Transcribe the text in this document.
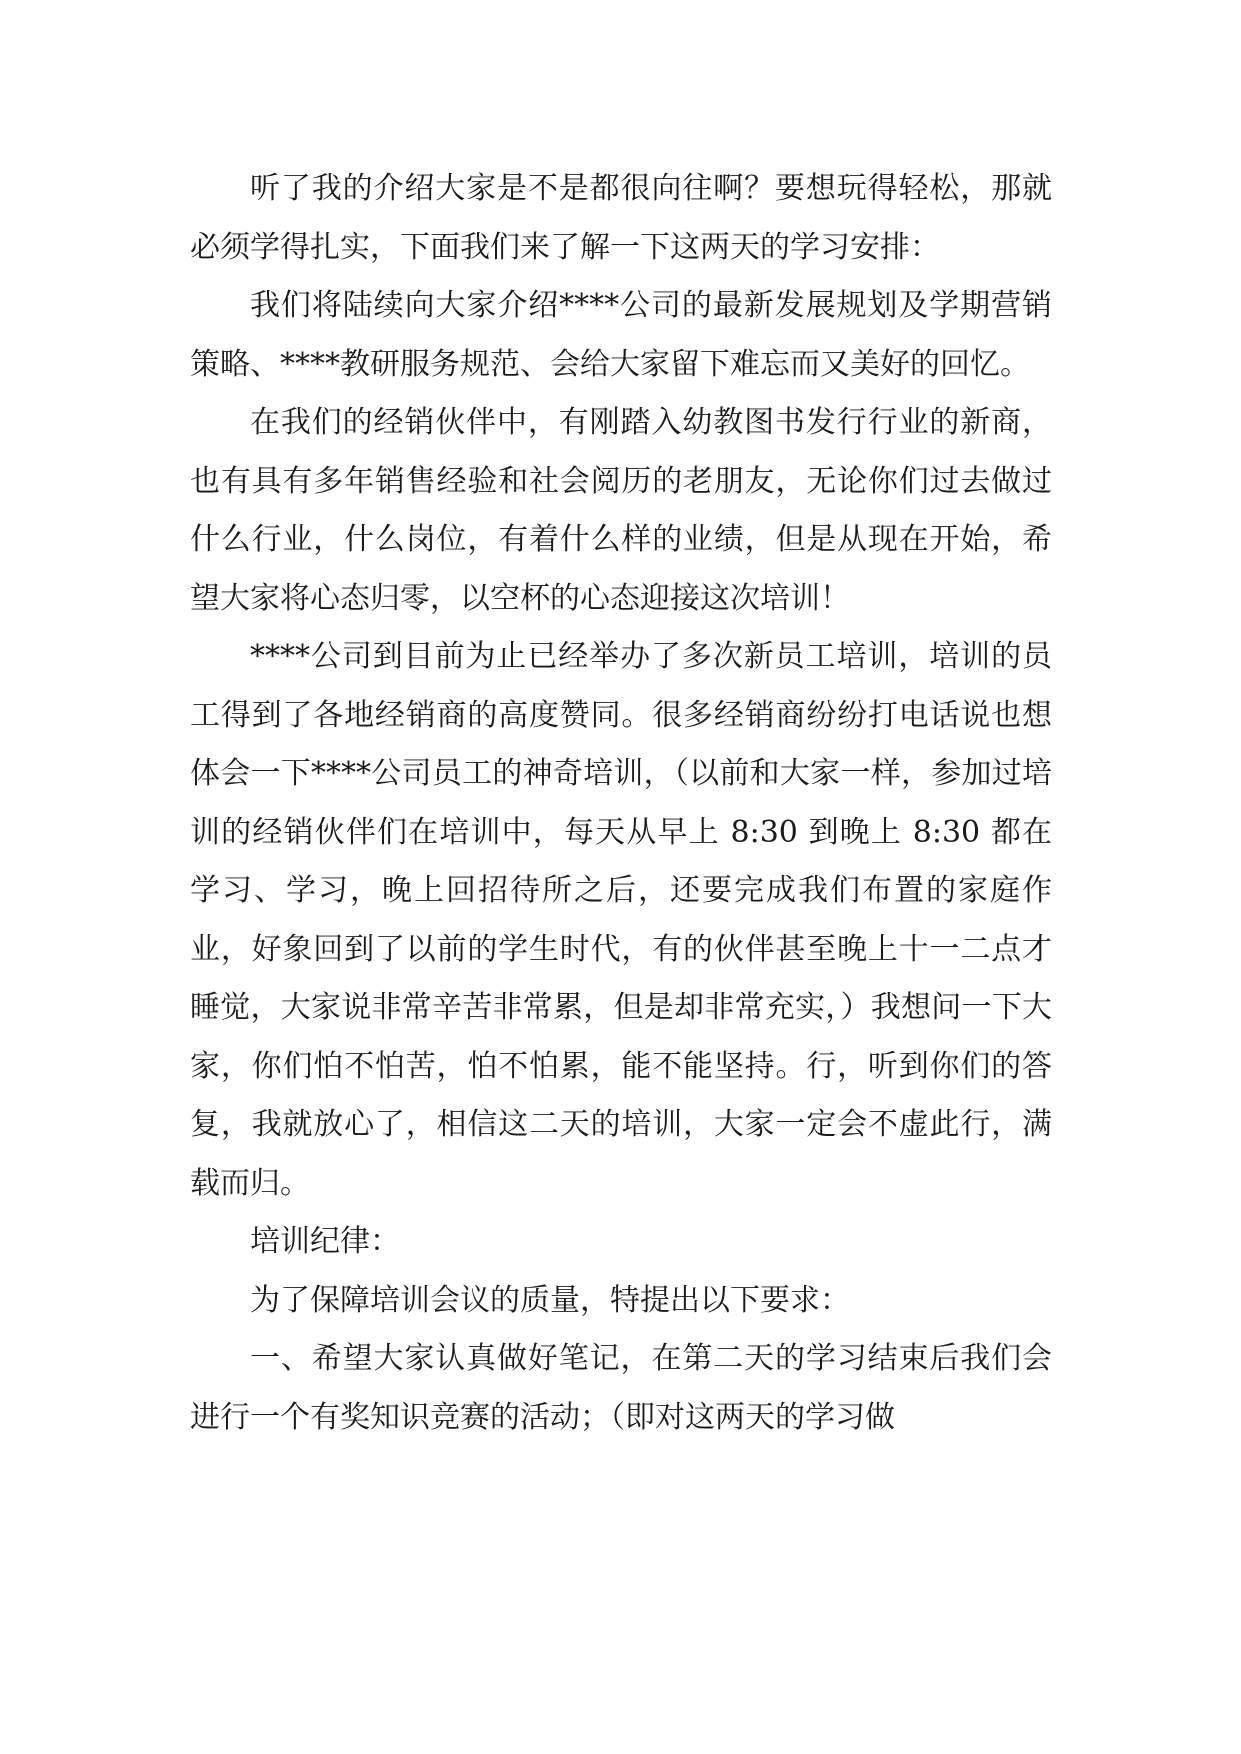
听了我的介绍大家是不是都很向往啊？要想玩得轻松，那就必须学得扎实，下面我们来了解一下这两天的学习安排：

我们将陆续向大家介绍****公司的最新发展规划及学期营销策略、****教研服务规范、会给大家留下难忘而又美好的回忆。

在我们的经销伙伴中，有刚踏入幼教图书发行行业的新商，也有具有多年销售经验和社会阅历的老朋友，无论你们过去做过什么行业，什么岗位，有着什么样的业绩，但是从现在开始，希望大家将心态归零，以空杯的心态迎接这次培训！

****公司到目前为止已经举办了多次新员工培训，培训的员工得到了各地经销商的高度赞同。很多经销商纷纷打电话说也想体会一下****公司员工的神奇培训，（以前和大家一样，参加过培训的经销伙伴们在培训中，每天从早上 8:30 到晚上 8:30 都在学习、学习，晚上回招待所之后，还要完成我们布置的家庭作业，好象回到了以前的学生时代，有的伙伴甚至晚上十一二点才睡觉，大家说非常辛苦非常累，但是却非常充实，）我想问一下大家，你们怕不怕苦，怕不怕累，能不能坚持。行，听到你们的答复，我就放心了，相信这二天的培训，大家一定会不虚此行，满载而归。

培训纪律：

为了保障培训会议的质量，特提出以下要求：

一、希望大家认真做好笔记，在第二天的学习结束后我们会进行一个有奖知识竞赛的活动；（即对这两天的学习做
